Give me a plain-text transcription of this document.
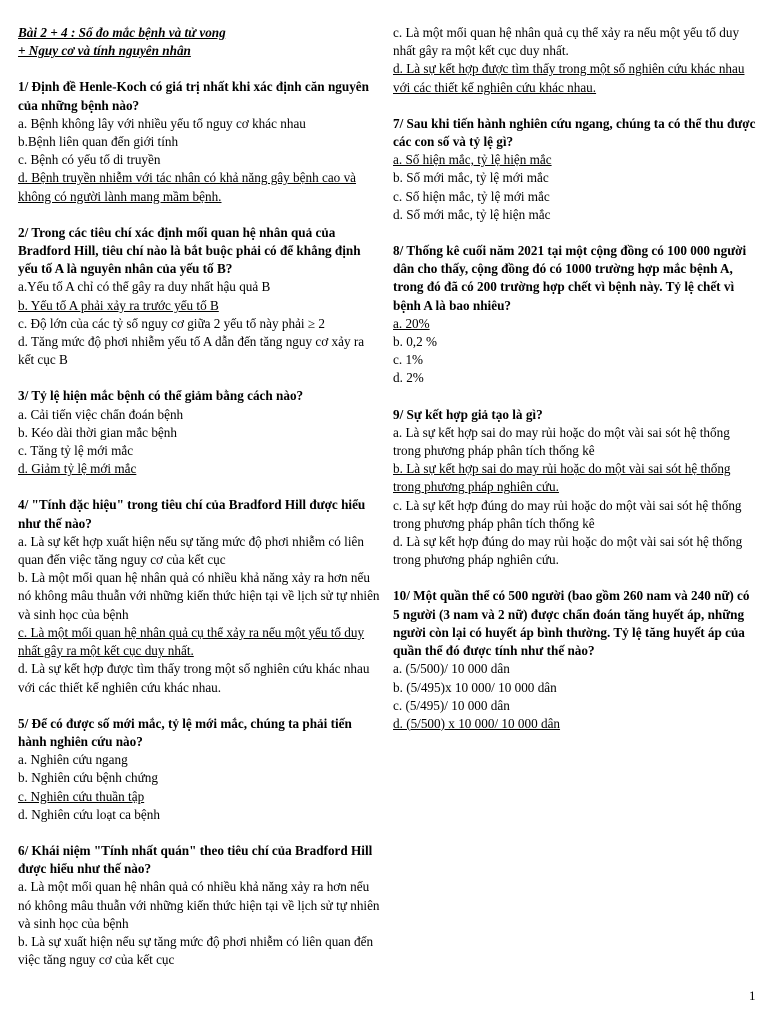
Bài 2 + 4 : Số đo mắc bệnh và tử vong
+ Nguy cơ và tính nguyên nhân
1/ Định đề Henle-Koch có giá trị nhất khi xác định căn nguyên của những bệnh nào?
a. Bệnh không lây với nhiều yếu tố nguy cơ khác nhau
b.Bệnh liên quan đến giới tính
c. Bệnh có yếu tố di truyền
d. Bệnh truyền nhiễm với tác nhân có khả năng gây bệnh cao và không có người lành mang mầm bệnh.
2/ Trong các tiêu chí xác định mối quan hệ nhân quả của Bradford Hill, tiêu chí nào là bắt buộc phải có để khẳng định yếu tố A là nguyên nhân của yếu tố B?
a.Yếu tố A chỉ có thể gây ra duy nhất hậu quả B
b. Yếu tố A phải xảy ra trước yếu tố B
c. Độ lớn của các tỷ số nguy cơ giữa 2 yếu tố này phải ≥ 2
d. Tăng mức độ phơi nhiễm yếu tố A dẫn đến tăng nguy cơ xảy ra kết cục B
3/ Tỷ lệ hiện mắc bệnh có thể giảm bằng cách nào?
a. Cải tiến việc chẩn đoán bệnh
b. Kéo dài thời gian mắc bệnh
c. Tăng tỷ lệ mới mắc
d. Giảm tỷ lệ mới mắc
4/ "Tính đặc hiệu" trong tiêu chí của Bradford Hill được hiểu như thế nào?
a. Là sự kết hợp xuất hiện nếu sự tăng mức độ phơi nhiễm có liên quan đến việc tăng nguy cơ của kết cục
b. Là một mối quan hệ nhân quả có nhiều khả năng xảy ra hơn nếu nó không mâu thuẫn với những kiến thức hiện tại về lịch sử tự nhiên và sinh học của bệnh
c. Là một mối quan hệ nhân quả cụ thể xảy ra nếu một yếu tố duy nhất gây ra một kết cục duy nhất.
d. Là sự kết hợp được tìm thấy trong một số nghiên cứu khác nhau với các thiết kế nghiên cứu khác nhau.
5/ Để có được số mới mắc, tỷ lệ mới mắc, chúng ta phải tiến hành nghiên cứu nào?
a. Nghiên cứu ngang
b. Nghiên cứu bệnh chứng
c. Nghiên cứu thuần tập
d. Nghiên cứu loạt ca bệnh
6/ Khái niệm "Tính nhất quán" theo tiêu chí của Bradford Hill được hiểu như thế nào?
a. Là một mối quan hệ nhân quả có nhiều khả năng xảy ra hơn nếu nó không mâu thuẫn với những kiến thức hiện tại về lịch sử tự nhiên và sinh học của bệnh
b. Là sự xuất hiện nếu sự tăng mức độ phơi nhiễm có liên quan đến việc tăng nguy cơ của kết cục
c. Là một mối quan hệ nhân quả cụ thể xảy ra nếu một yếu tố duy nhất gây ra một kết cục duy nhất.
d. Là sự kết hợp được tìm thấy trong một số nghiên cứu khác nhau với các thiết kế nghiên cứu khác nhau.
7/ Sau khi tiến hành nghiên cứu ngang, chúng ta có thể thu được các con số và tỷ lệ gì?
a. Số hiện mắc, tỷ lệ hiện mắc
b. Số mới mắc, tỷ lệ mới mắc
c. Số hiện mắc, tỷ lệ mới mắc
d. Số mới mắc, tỷ lệ hiện mắc
8/ Thống kê cuối năm 2021 tại một cộng đồng có 100 000 người dân cho thấy, cộng đồng đó có 1000 trường hợp mắc bệnh A, trong đó đã có 200 trường hợp chết vì bệnh này. Tỷ lệ chết vì bệnh A là bao nhiêu?
a. 20%
b. 0,2 %
c. 1%
d. 2%
9/ Sự kết hợp giả tạo là gì?
a. Là sự kết hợp sai do may rủi hoặc do một vài sai sót hệ thống trong phương pháp phân tích thống kê
b. Là sự kết hợp sai do may rủi hoặc do một vài sai sót hệ thống trong phương pháp nghiên cứu.
c. Là sự kết hợp đúng do may rủi hoặc do một vài sai sót hệ thống trong phương pháp phân tích thống kê
d. Là sự kết hợp đúng do may rủi hoặc do một vài sai sót hệ thống trong phương pháp nghiên cứu.
10/ Một quần thể có 500 người (bao gồm 260 nam và 240 nữ) có 5 người (3 nam và 2 nữ) được chẩn đoán tăng huyết áp, những người còn lại có huyết áp bình thường. Tỷ lệ tăng huyết áp của quần thể đó được tính như thế nào?
a. (5/500)/ 10 000 dân
b. (5/495)x 10 000/ 10 000 dân
c. (5/495)/ 10 000 dân
d. (5/500) x 10 000/ 10 000 dân
1
